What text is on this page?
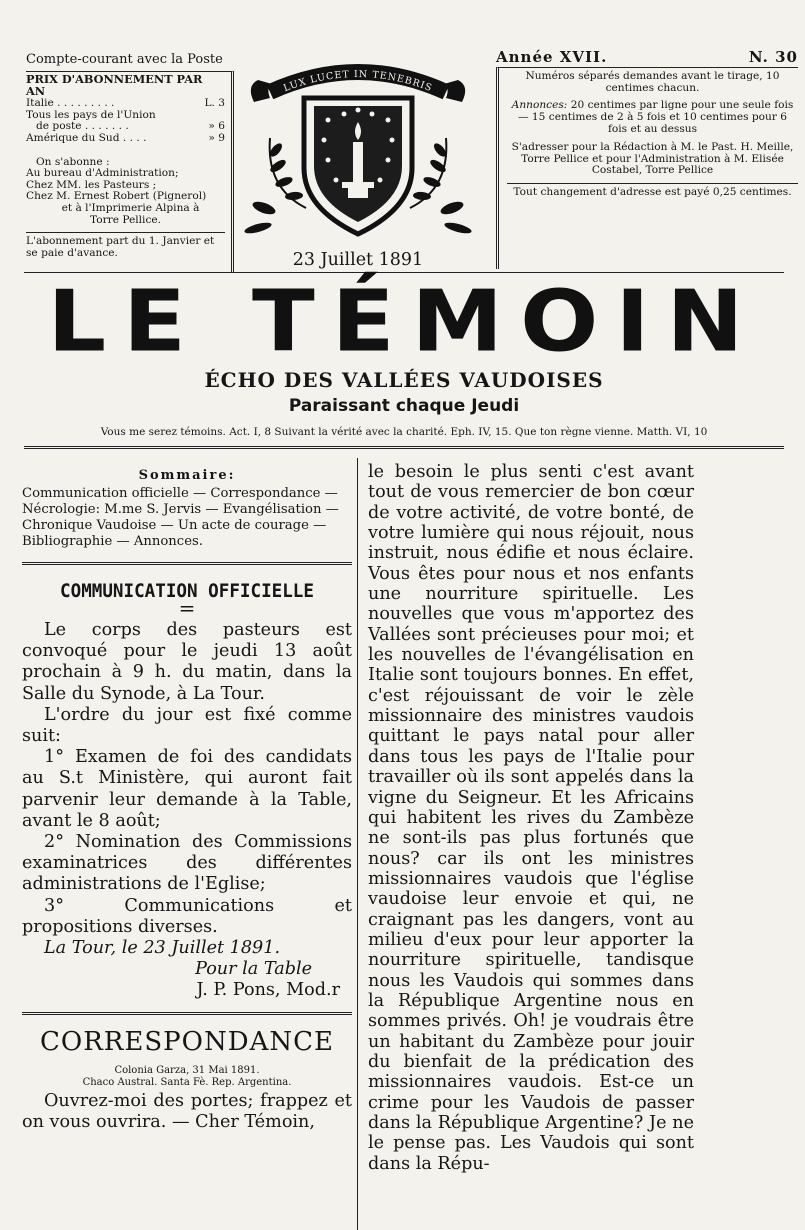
Compte-courant avec la Poste
PRIX D'ABONNEMENT PAR AN
Italie . . . . . . . . .	L. 3
Tous les pays de l'Union
de poste . . . . . . .	» 6
Amérique du Sud . . . .	» 9
On s'abonne :
Au bureau d'Administration;
Chez MM. les Pasteurs ;
Chez M. Ernest Robert (Pignerol)
et à l'Imprimerie Alpina à
Torre Pellice.
L'abonnement part du 1. Janvier et se paie d'avance.
LUX LUCET IN TENEBRIS
23 Juillet 1891
Année XVII.	N. 30

Numéros séparés demandes avant le tirage, 10 centimes chacun.

Annonces: 20 centimes par ligne pour une seule fois — 15 centimes de 2 à 5 fois et 10 centimes pour 6 fois et au dessus

S'adresser pour la Rédaction à M. le Past. H. Meille, Torre Pellice et pour l'Administration à M. Elisée Costabel, Torre Pellice

Tout changement d'adresse est payé 0,25 centimes.
LE TÉMOIN
ÉCHO DES VALLÉES VAUDOISES
Paraissant chaque Jeudi
Vous me serez témoins. Act. I, 8 Suivant la vérité avec la charité. Eph. IV, 15. Que ton règne vienne. Matth. VI, 10
Sommaire:
Communication officielle — Correspondance — Nécrologie: M.me S. Jervis — Evangélisation — Chronique Vaudoise — Un acte de courage — Bibliographie — Annonces.
COMMUNICATION OFFICIELLE
=

Le corps des pasteurs est convoqué pour le jeudi 13 août prochain à 9 h. du matin, dans la Salle du Synode, à La Tour.

L'ordre du jour est fixé comme suit:

1° Examen de foi des candidats au S.t Ministère, qui auront fait parvenir leur demande à la Table, avant le 8 août;

2° Nomination des Commissions examinatrices des différentes administrations de l'Eglise;

3° Communications et propositions diverses.

La Tour, le 23 Juillet 1891.

Pour la Table

J. P. Pons, Mod.r

CORRESPONDANCE
Colonia Garza, 31 Mai 1891.
Chaco Austral. Santa Fè. Rep. Argentina.

Ouvrez-moi des portes; frappez et on vous ouvrira. — Cher Témoin,

le besoin le plus senti c'est avant tout de vous remercier de bon cœur de votre activité, de votre bonté, de votre lumière qui nous réjouit, nous instruit, nous édifie et nous éclaire. Vous êtes pour nous et nos enfants une nourriture spirituelle. Les nouvelles que vous m'apportez des Vallées sont précieuses pour moi; et les nouvelles de l'évangélisation en Italie sont toujours bonnes. En effet, c'est réjouissant de voir le zèle missionnaire des ministres vaudois quittant le pays natal pour aller dans tous les pays de l'Italie pour travailler où ils sont appelés dans la vigne du Seigneur. Et les Africains qui habitent les rives du Zambèze ne sont-ils pas plus fortunés que nous? car ils ont les ministres missionnaires vaudois que l'église vaudoise leur envoie et qui, ne craignant pas les dangers, vont au milieu d'eux pour leur apporter la nourriture spirituelle, tandisque nous les Vaudois qui sommes dans la République Argentine nous en sommes privés. Oh! je voudrais être un habitant du Zambèze pour jouir du bienfait de la prédication des missionnaires vaudois. Est-ce un crime pour les Vaudois de passer dans la République Argentine? Je ne le pense pas. Les Vaudois qui sont dans la Répu-
